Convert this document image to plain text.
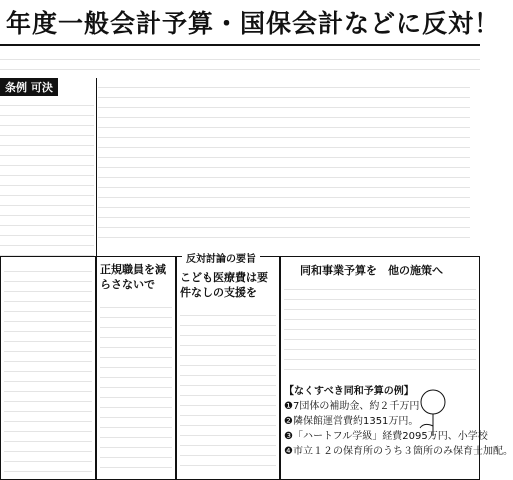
年度一般会計予算・国保会計などに反対！
条例 可決
正規職員を減らさないで
反対討論の要旨
こども医療費は要件なしの支援を
同和事業予算を　他の施策へ
【なくすべき同和予算の例】
❶7団体の補助金、約２千万円
❷隣保館運営費約1351万円。
❸「ハートフル学級」経費2095万円、小学校
❹市立１２の保育所のうち３箇所のみ保育士加配。
